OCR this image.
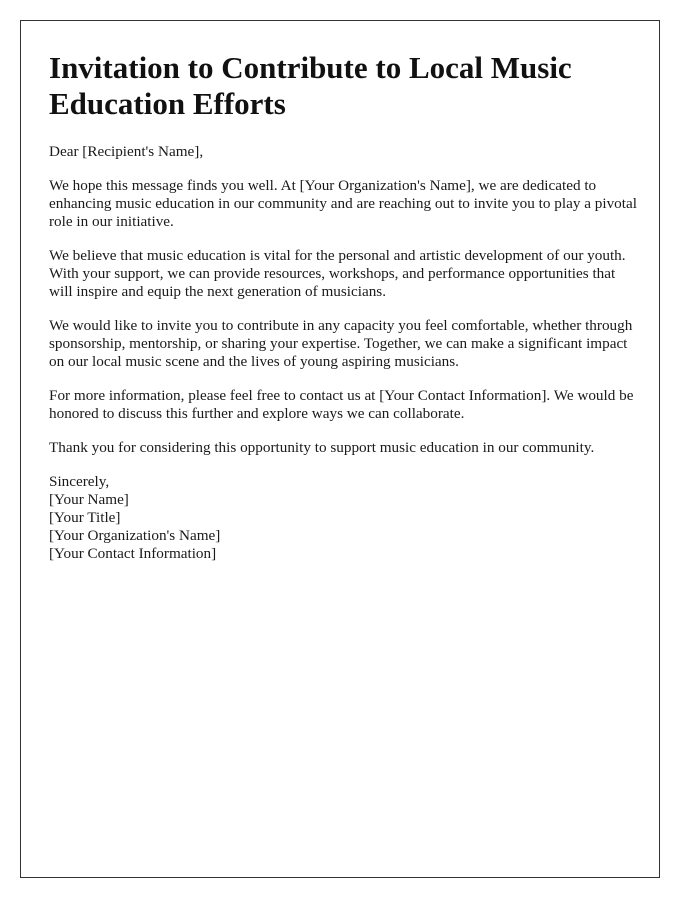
Invitation to Contribute to Local Music Education Efforts

Dear [Recipient's Name],

We hope this message finds you well. At [Your Organization's Name], we are dedicated to enhancing music education in our community and are reaching out to invite you to play a pivotal role in our initiative.

We believe that music education is vital for the personal and artistic development of our youth. With your support, we can provide resources, workshops, and performance opportunities that will inspire and equip the next generation of musicians.

We would like to invite you to contribute in any capacity you feel comfortable, whether through sponsorship, mentorship, or sharing your expertise. Together, we can make a significant impact on our local music scene and the lives of young aspiring musicians.

For more information, please feel free to contact us at [Your Contact Information]. We would be honored to discuss this further and explore ways we can collaborate.

Thank you for considering this opportunity to support music education in our community.

Sincerely,
[Your Name]
[Your Title]
[Your Organization's Name]
[Your Contact Information]
